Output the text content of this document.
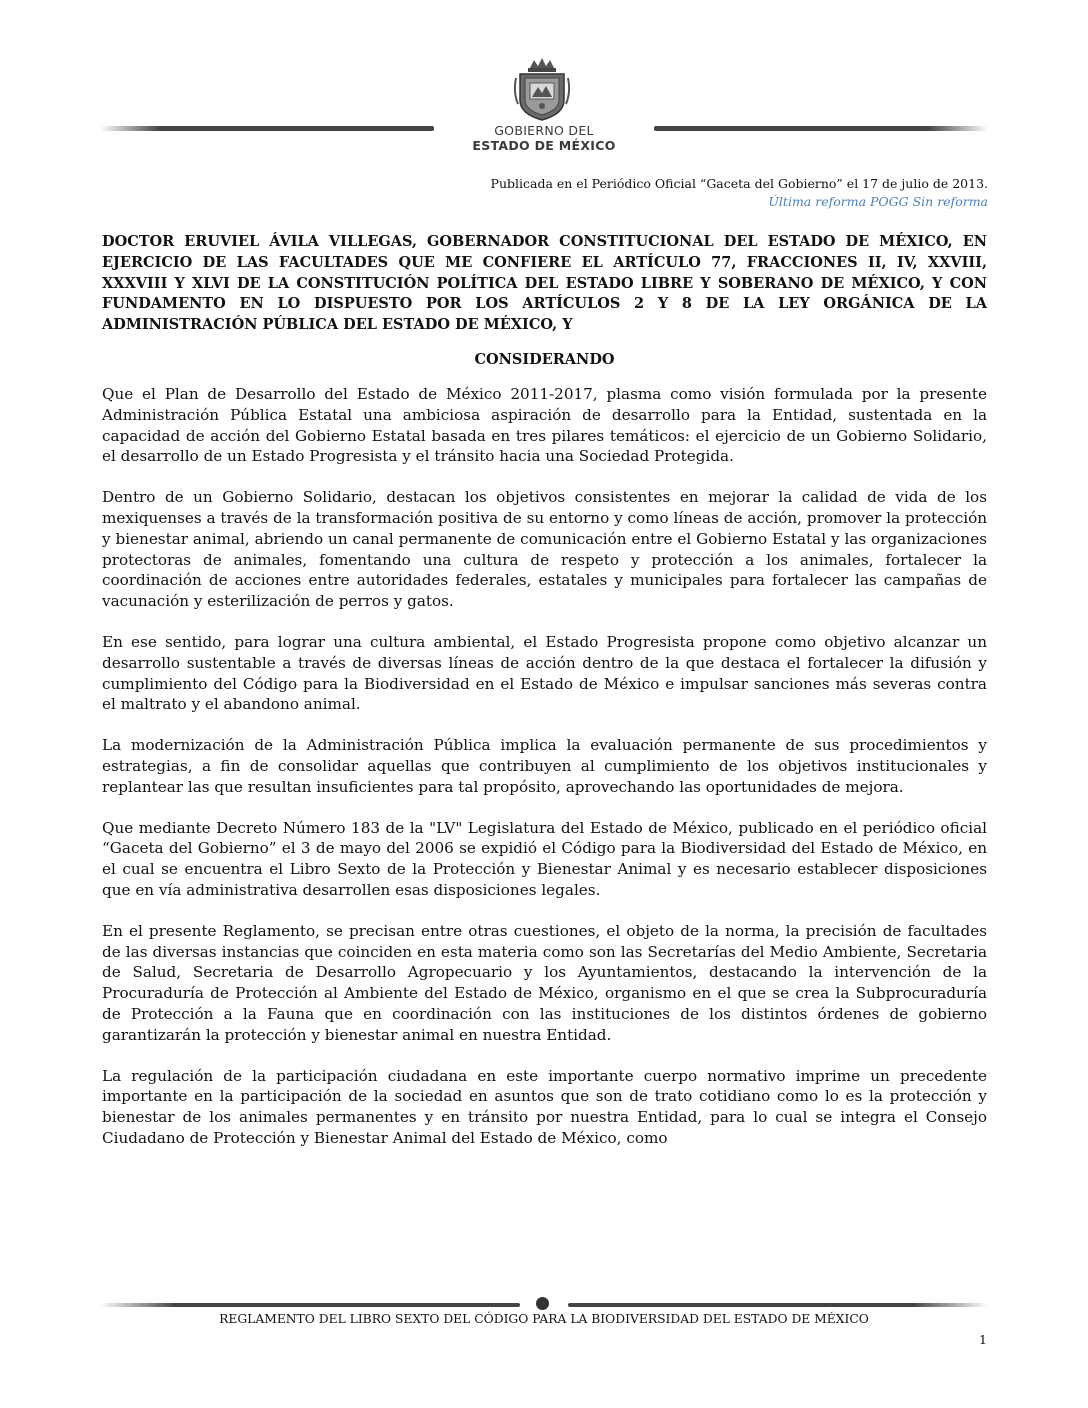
GOBIERNO DEL
ESTADO DE MÉXICO
Publicada en el Periódico Oficial “Gaceta del Gobierno” el 17 de julio de 2013.
Última reforma POGG Sin reforma

DOCTOR ERUVIEL ÁVILA VILLEGAS, GOBERNADOR CONSTITUCIONAL DEL ESTADO DE MÉXICO, EN EJERCICIO DE LAS FACULTADES QUE ME CONFIERE EL ARTÍCULO 77, FRACCIONES II, IV, XXVIII, XXXVIII Y XLVI DE LA CONSTITUCIÓN POLÍTICA DEL ESTADO LIBRE Y SOBERANO DE MÉXICO, Y CON FUNDAMENTO EN LO DISPUESTO POR LOS ARTÍCULOS 2 Y 8 DE LA LEY ORGÁNICA DE LA ADMINISTRACIÓN PÚBLICA DEL ESTADO DE MÉXICO, Y

CONSIDERANDO

Que el Plan de Desarrollo del Estado de México 2011-2017, plasma como visión formulada por la presente Administración Pública Estatal una ambiciosa aspiración de desarrollo para la Entidad, sustentada en la capacidad de acción del Gobierno Estatal basada en tres pilares temáticos: el ejercicio de un Gobierno Solidario, el desarrollo de un Estado Progresista y el tránsito hacia una Sociedad Protegida.

Dentro de un Gobierno Solidario, destacan los objetivos consistentes en mejorar la calidad de vida de los mexiquenses a través de la transformación positiva de su entorno y como líneas de acción, promover la protección y bienestar animal, abriendo un canal permanente de comunicación entre el Gobierno Estatal y las organizaciones protectoras de animales, fomentando una cultura de respeto y protección a los animales, fortalecer la coordinación de acciones entre autoridades federales, estatales y municipales para fortalecer las campañas de vacunación y esterilización de perros y gatos.

En ese sentido, para lograr una cultura ambiental, el Estado Progresista propone como objetivo alcanzar un desarrollo sustentable a través de diversas líneas de acción dentro de la que destaca el fortalecer la difusión y cumplimiento del Código para la Biodiversidad en el Estado de México e impulsar sanciones más severas contra el maltrato y el abandono animal.

La modernización de la Administración Pública implica la evaluación permanente de sus procedimientos y estrategias, a fin de consolidar aquellas que contribuyen al cumplimiento de los objetivos institucionales y replantear las que resultan insuficientes para tal propósito, aprovechando las oportunidades de mejora.

Que mediante Decreto Número 183 de la "LV" Legislatura del Estado de México, publicado en el periódico oficial “Gaceta del Gobierno” el 3 de mayo del 2006 se expidió el Código para la Biodiversidad del Estado de México, en el cual se encuentra el Libro Sexto de la Protección y Bienestar Animal y es necesario establecer disposiciones que en vía administrativa desarrollen esas disposiciones legales.

En el presente Reglamento, se precisan entre otras cuestiones, el objeto de la norma, la precisión de facultades de las diversas instancias que coinciden en esta materia como son las Secretarías del Medio Ambiente, Secretaria de Salud, Secretaria de Desarrollo Agropecuario y los Ayuntamientos, destacando la intervención de la Procuraduría de Protección al Ambiente del Estado de México, organismo en el que se crea la Subprocuraduría de Protección a la Fauna que en coordinación con las instituciones de los distintos órdenes de gobierno garantizarán la protección y bienestar animal en nuestra Entidad.

La regulación de la participación ciudadana en este importante cuerpo normativo imprime un precedente importante en la participación de la sociedad en asuntos que son de trato cotidiano como lo es la protección y bienestar de los animales permanentes y en tránsito por nuestra Entidad, para lo cual se integra el Consejo Ciudadano de Protección y Bienestar Animal del Estado de México, como

REGLAMENTO DEL LIBRO SEXTO DEL CÓDIGO PARA LA BIODIVERSIDAD DEL ESTADO DE MÉXICO
1
